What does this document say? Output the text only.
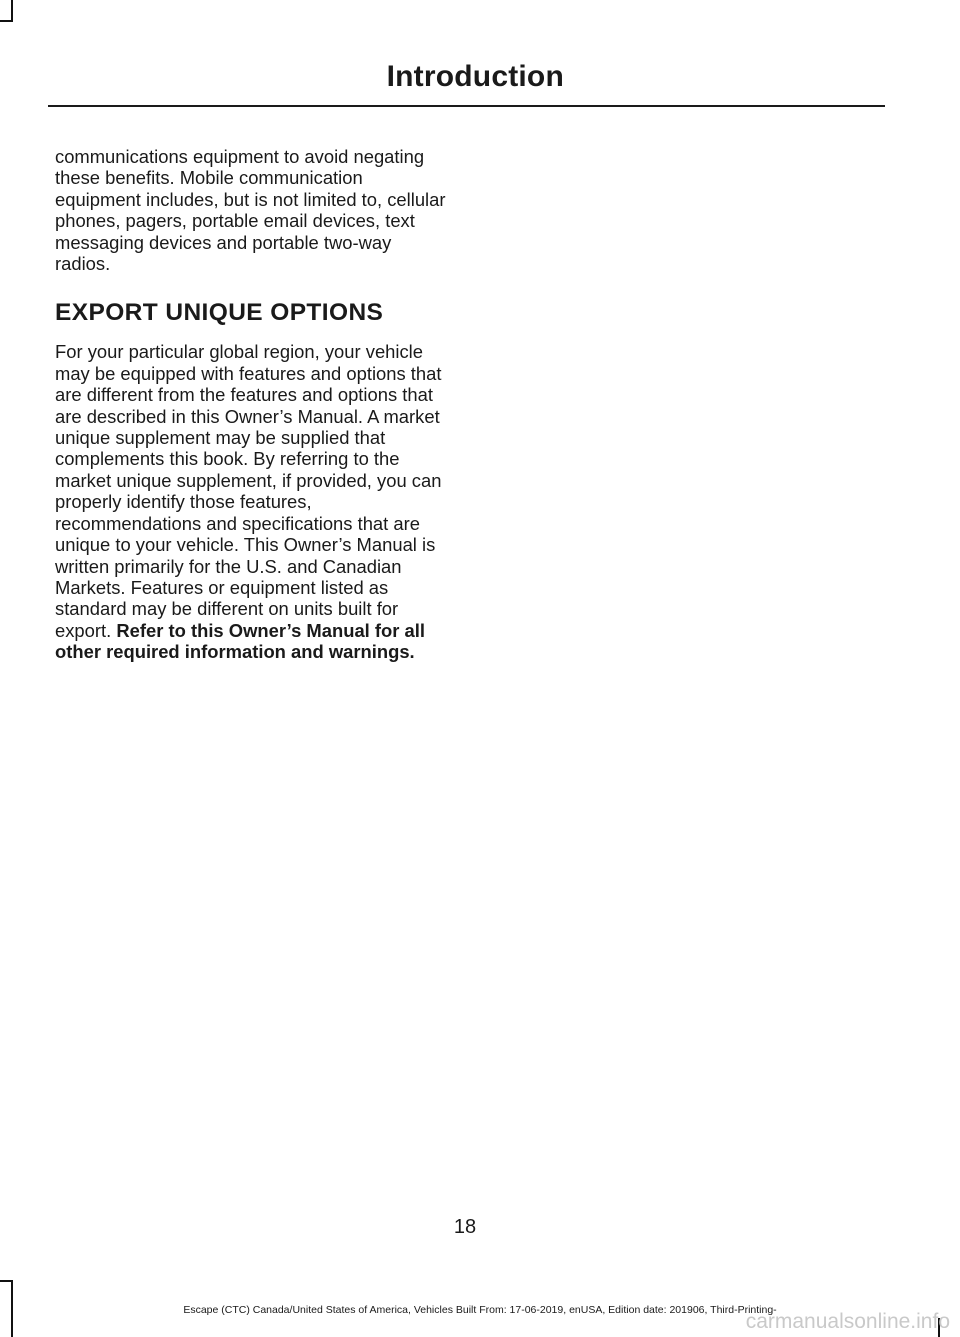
Introduction

communications equipment to avoid negating these benefits. Mobile communication equipment includes, but is not limited to, cellular phones, pagers, portable email devices, text messaging devices and portable two-way radios.

EXPORT UNIQUE OPTIONS

For your particular global region, your vehicle may be equipped with features and options that are different from the features and options that are described in this Owner’s Manual. A market unique supplement may be supplied that complements this book. By referring to the market unique supplement, if provided, you can properly identify those features, recommendations and specifications that are unique to your vehicle. This Owner’s Manual is written primarily for the U.S. and Canadian Markets. Features or equipment listed as standard may be different on units built for export. Refer to this Owner’s Manual for all other required information and warnings.

18
Escape (CTC) Canada/United States of America, Vehicles Built From: 17-06-2019, enUSA, Edition date: 201906, Third-Printing-
carmanualsonline.info
